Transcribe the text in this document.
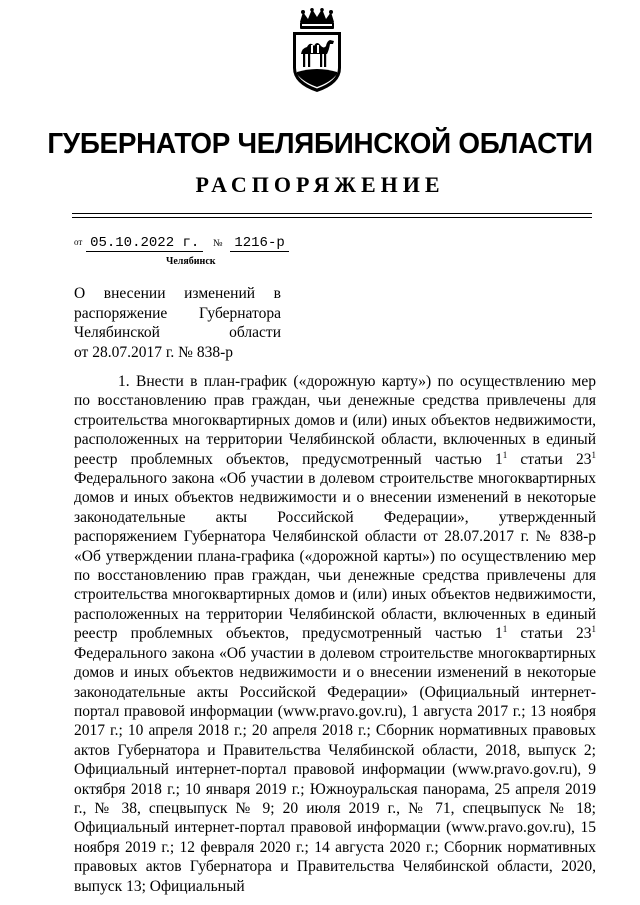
ГУБЕРНАТОР ЧЕЛЯБИНСКОЙ ОБЛАСТИ
РАСПОРЯЖЕНИЕ
от 05.10.2022 г. № 1216-р
Челябинск
О внесении изменений в
распоряжение Губернатора
Челябинской области
от 28.07.2017 г. № 838-р

1. Внести в план-график («дорожную карту») по осуществлению мер по восстановлению прав граждан, чьи денежные средства привлечены для строительства многоквартирных домов и (или) иных объектов недвижимости, расположенных на территории Челябинской области, включенных в единый реестр проблемных объектов, предусмотренный частью $1^1$ статьи $23^1$ Федерального закона «Об участии в долевом строительстве многоквартирных домов и иных объектов недвижимости и о внесении изменений в некоторые законодательные акты Российской Федерации», утвержденный распоряжением Губернатора Челябинской области от 28.07.2017 г. № 838-р «Об утверждении плана-графика («дорожной карты») по осуществлению мер по восстановлению прав граждан, чьи денежные средства привлечены для строительства многоквартирных домов и (или) иных объектов недвижимости, расположенных на территории Челябинской области, включенных в единый реестр проблемных объектов, предусмотренный частью $1^1$ статьи $23^1$ Федерального закона «Об участии в долевом строительстве многоквартирных домов и иных объектов недвижимости и о внесении изменений в некоторые законодательные акты Российской Федерации» (Официальный интернет-портал правовой информации (www.pravo.gov.ru), 1 августа 2017 г.; 13 ноября 2017 г.; 10 апреля 2018 г.; 20 апреля 2018 г.; Сборник нормативных правовых актов Губернатора и Правительства Челябинской области, 2018, выпуск 2; Официальный интернет-портал правовой информации (www.pravo.gov.ru), 9 октября 2018 г.; 10 января 2019 г.; Южноуральская панорама, 25 апреля 2019 г., № 38, спецвыпуск № 9; 20 июля 2019 г., № 71, спецвыпуск № 18; Официальный интернет-портал правовой информации (www.pravo.gov.ru), 15 ноября 2019 г.; 12 февраля 2020 г.; 14 августа 2020 г.; Сборник нормативных правовых актов Губернатора и Правительства Челябинской области, 2020, выпуск 13; Официальный
